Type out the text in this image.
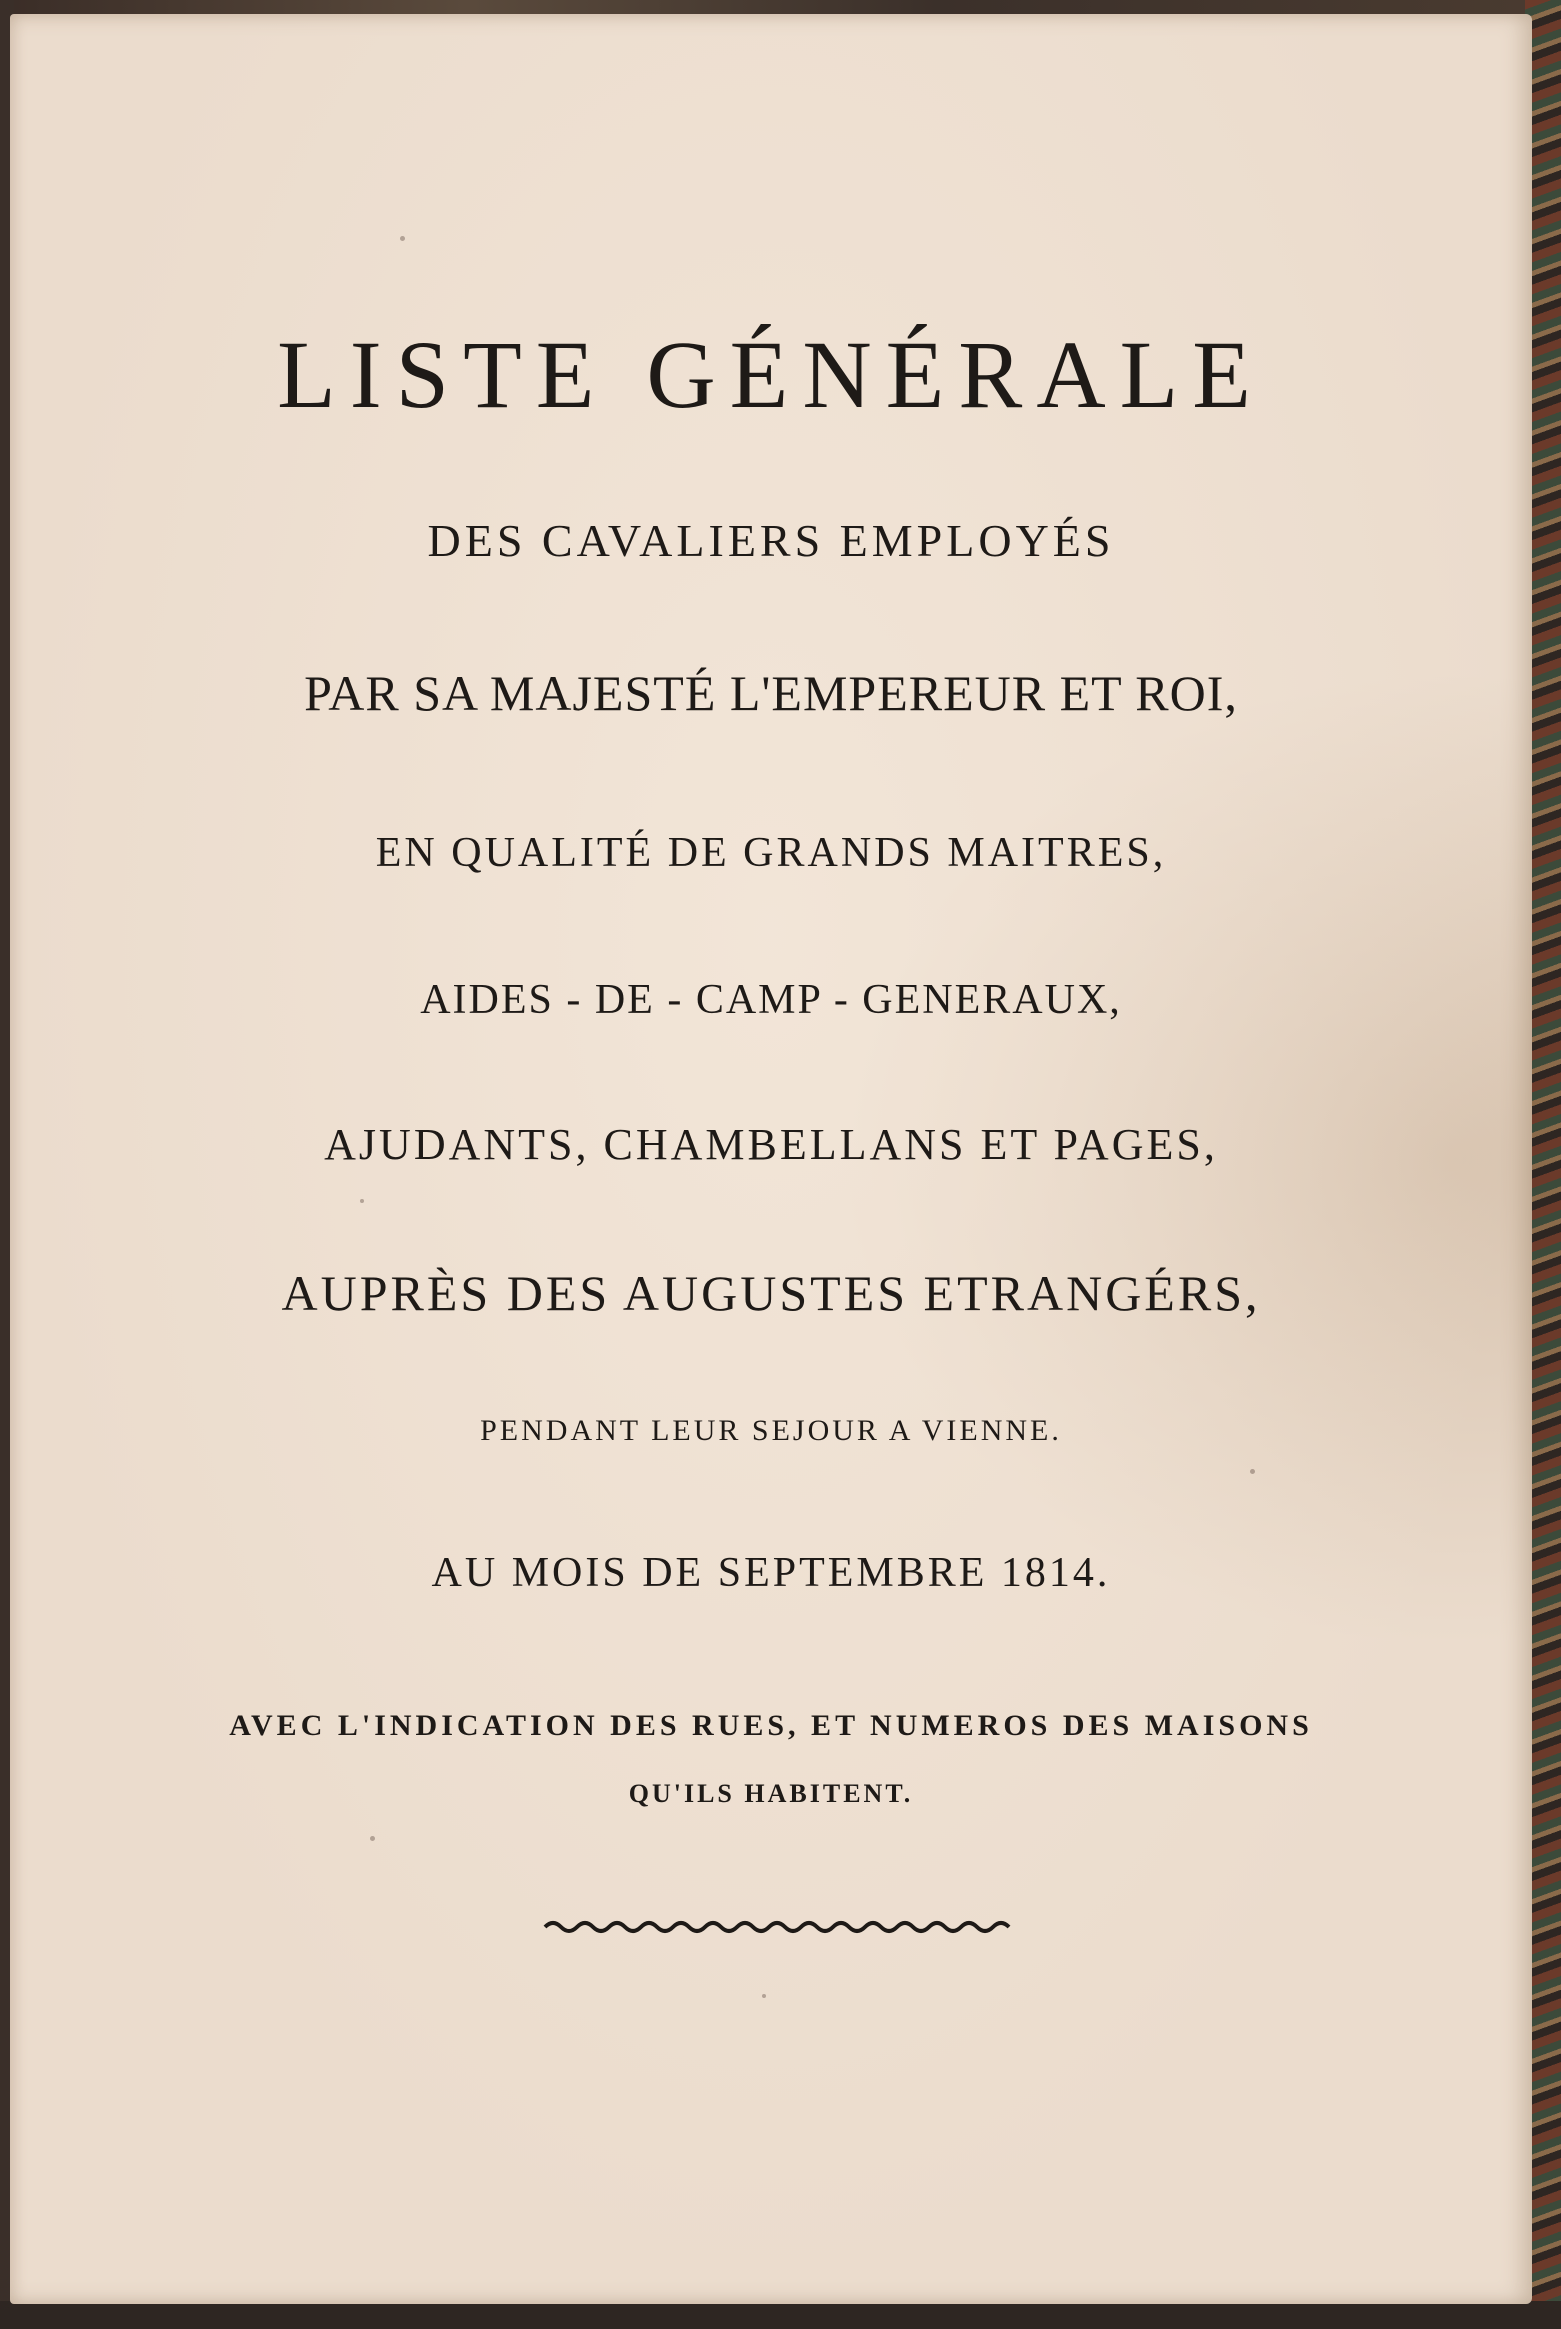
LISTE GÉNÉRALE
DES CAVALIERS EMPLOYÉS
PAR SA MAJESTÉ L'EMPEREUR ET ROI,
EN QUALITÉ DE GRANDS MAITRES,
AIDES - DE - CAMP - GENERAUX,
AJUDANTS, CHAMBELLANS ET PAGES,
AUPRÈS DES AUGUSTES ETRANGÉRS,
PENDANT LEUR SEJOUR A VIENNE.
AU MOIS DE SEPTEMBRE 1814.
AVEC L'INDICATION DES RUES, ET NUMEROS DES MAISONS
QU'ILS HABITENT.
